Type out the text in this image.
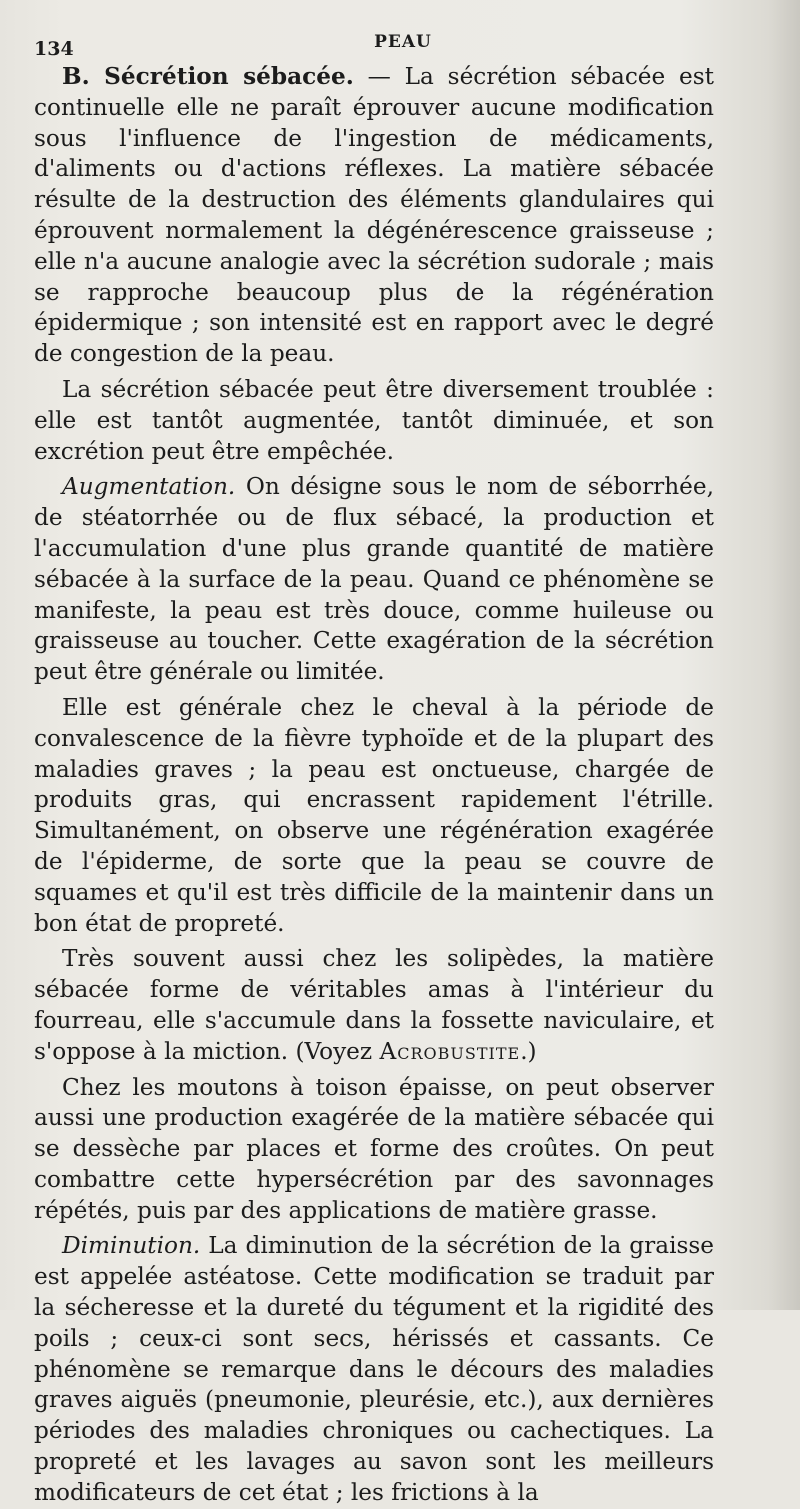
134	PEAU

B. Sécrétion sébacée. — La sécrétion sébacée est continuelle elle ne paraît éprouver aucune modification sous l'influence de l'ingestion de médicaments, d'aliments ou d'actions réflexes. La matière sébacée résulte de la destruction des éléments glandulaires qui éprouvent normalement la dégénérescence graisseuse ; elle n'a aucune analogie avec la sécrétion sudorale ; mais se rapproche beaucoup plus de la régénération épidermique ; son intensité est en rapport avec le degré de congestion de la peau.

La sécrétion sébacée peut être diversement troublée : elle est tantôt augmentée, tantôt diminuée, et son excrétion peut être empêchée.

Augmentation. On désigne sous le nom de séborrhée, de stéatorrhée ou de flux sébacé, la production et l'accumulation d'une plus grande quantité de matière sébacée à la surface de la peau. Quand ce phénomène se manifeste, la peau est très douce, comme huileuse ou graisseuse au toucher. Cette exagération de la sécrétion peut être générale ou limitée.

Elle est générale chez le cheval à la période de convalescence de la fièvre typhoïde et de la plupart des maladies graves ; la peau est onctueuse, chargée de produits gras, qui encrassent rapidement l'étrille. Simultanément, on observe une régénération exagérée de l'épiderme, de sorte que la peau se couvre de squames et qu'il est très difficile de la maintenir dans un bon état de propreté.

Très souvent aussi chez les solipèdes, la matière sébacée forme de véritables amas à l'intérieur du fourreau, elle s'accumule dans la fossette naviculaire, et s'oppose à la miction. (Voyez Acrobustite.)

Chez les moutons à toison épaisse, on peut observer aussi une production exagérée de la matière sébacée qui se dessèche par places et forme des croûtes. On peut combattre cette hypersécrétion par des savonnages répétés, puis par des applications de matière grasse.

Diminution. La diminution de la sécrétion de la graisse est appelée astéatose. Cette modification se traduit par la sécheresse et la dureté du tégument et la rigidité des poils ; ceux-ci sont secs, hérissés et cassants. Ce phénomène se remarque dans le décours des maladies graves aiguës (pneumonie, pleurésie, etc.), aux dernières périodes des maladies chroniques ou cachectiques. La propreté et les lavages au savon sont les meilleurs modificateurs de cet état ; les frictions à la
